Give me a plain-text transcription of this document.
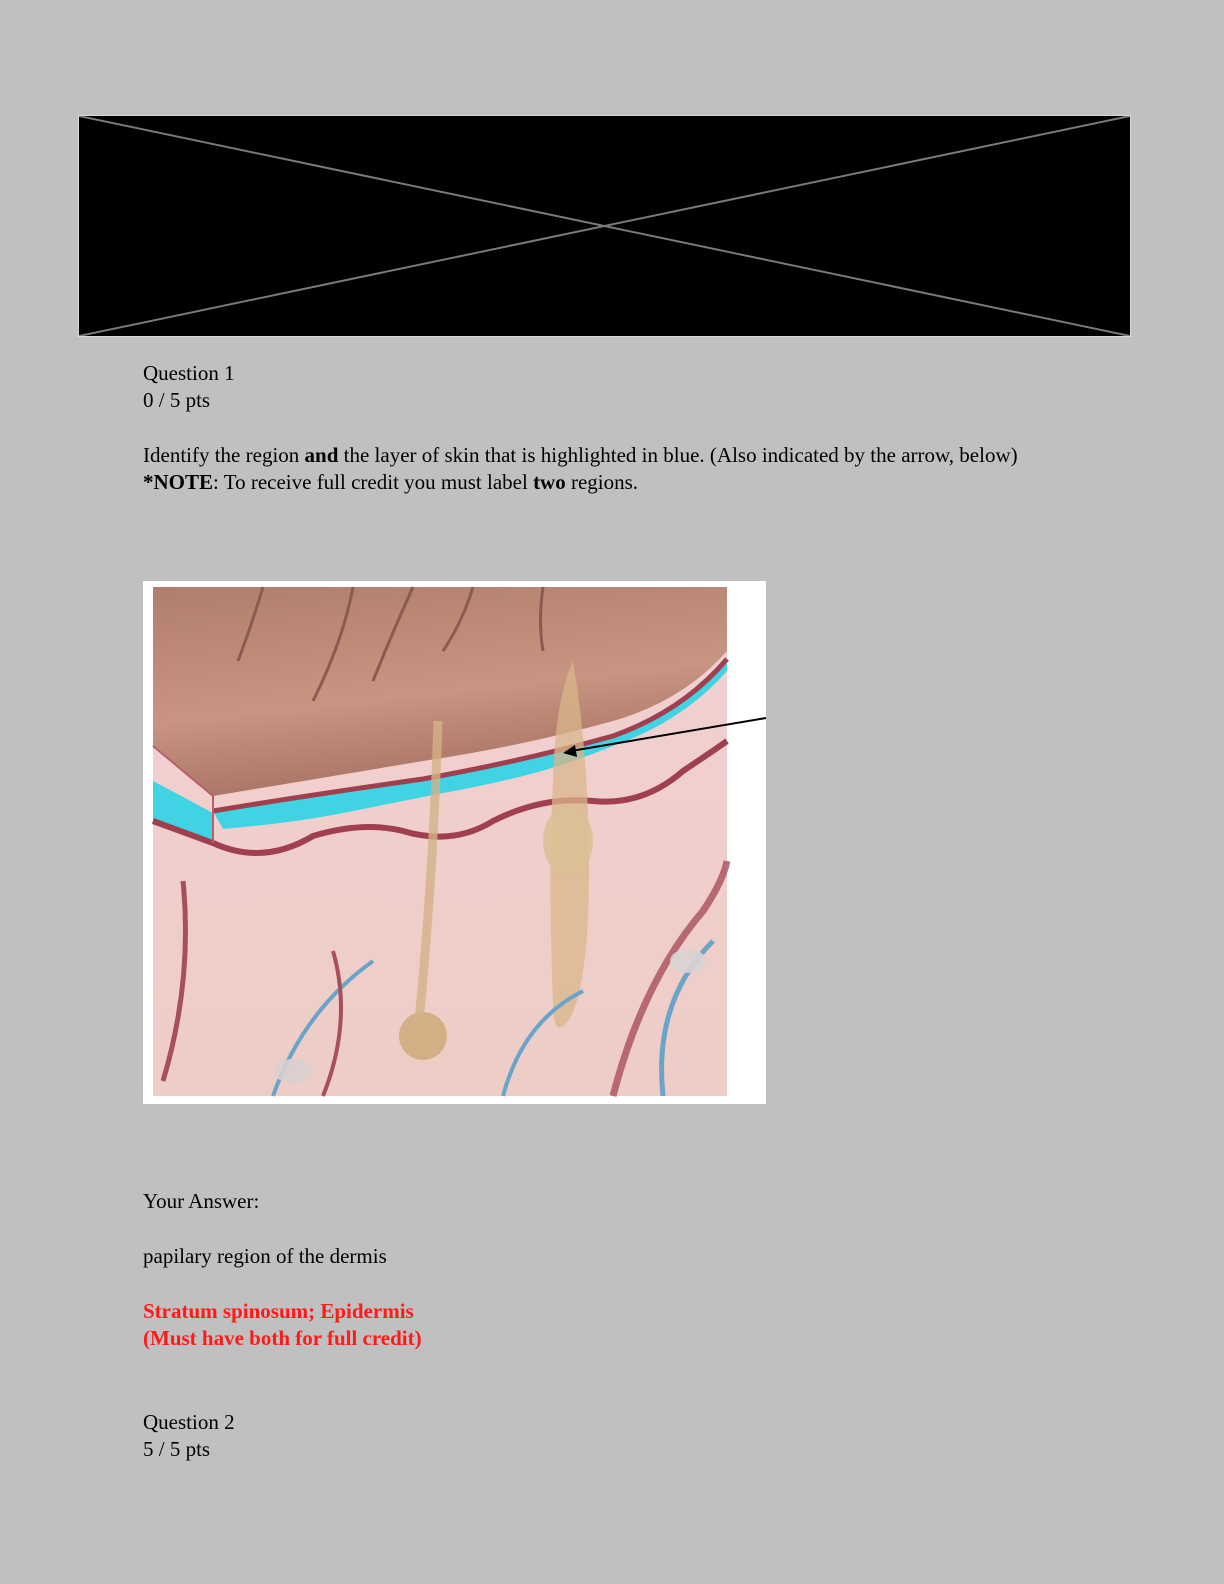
Question 1

0 / 5 pts

Identify the region and the layer of skin that is highlighted in blue. (Also indicated by the arrow, below) *NOTE: To receive full credit you must label two regions.

Your Answer:

papilary region of the dermis

Stratum spinosum; Epidermis

(Must have both for full credit)

Question 2

5 / 5 pts
